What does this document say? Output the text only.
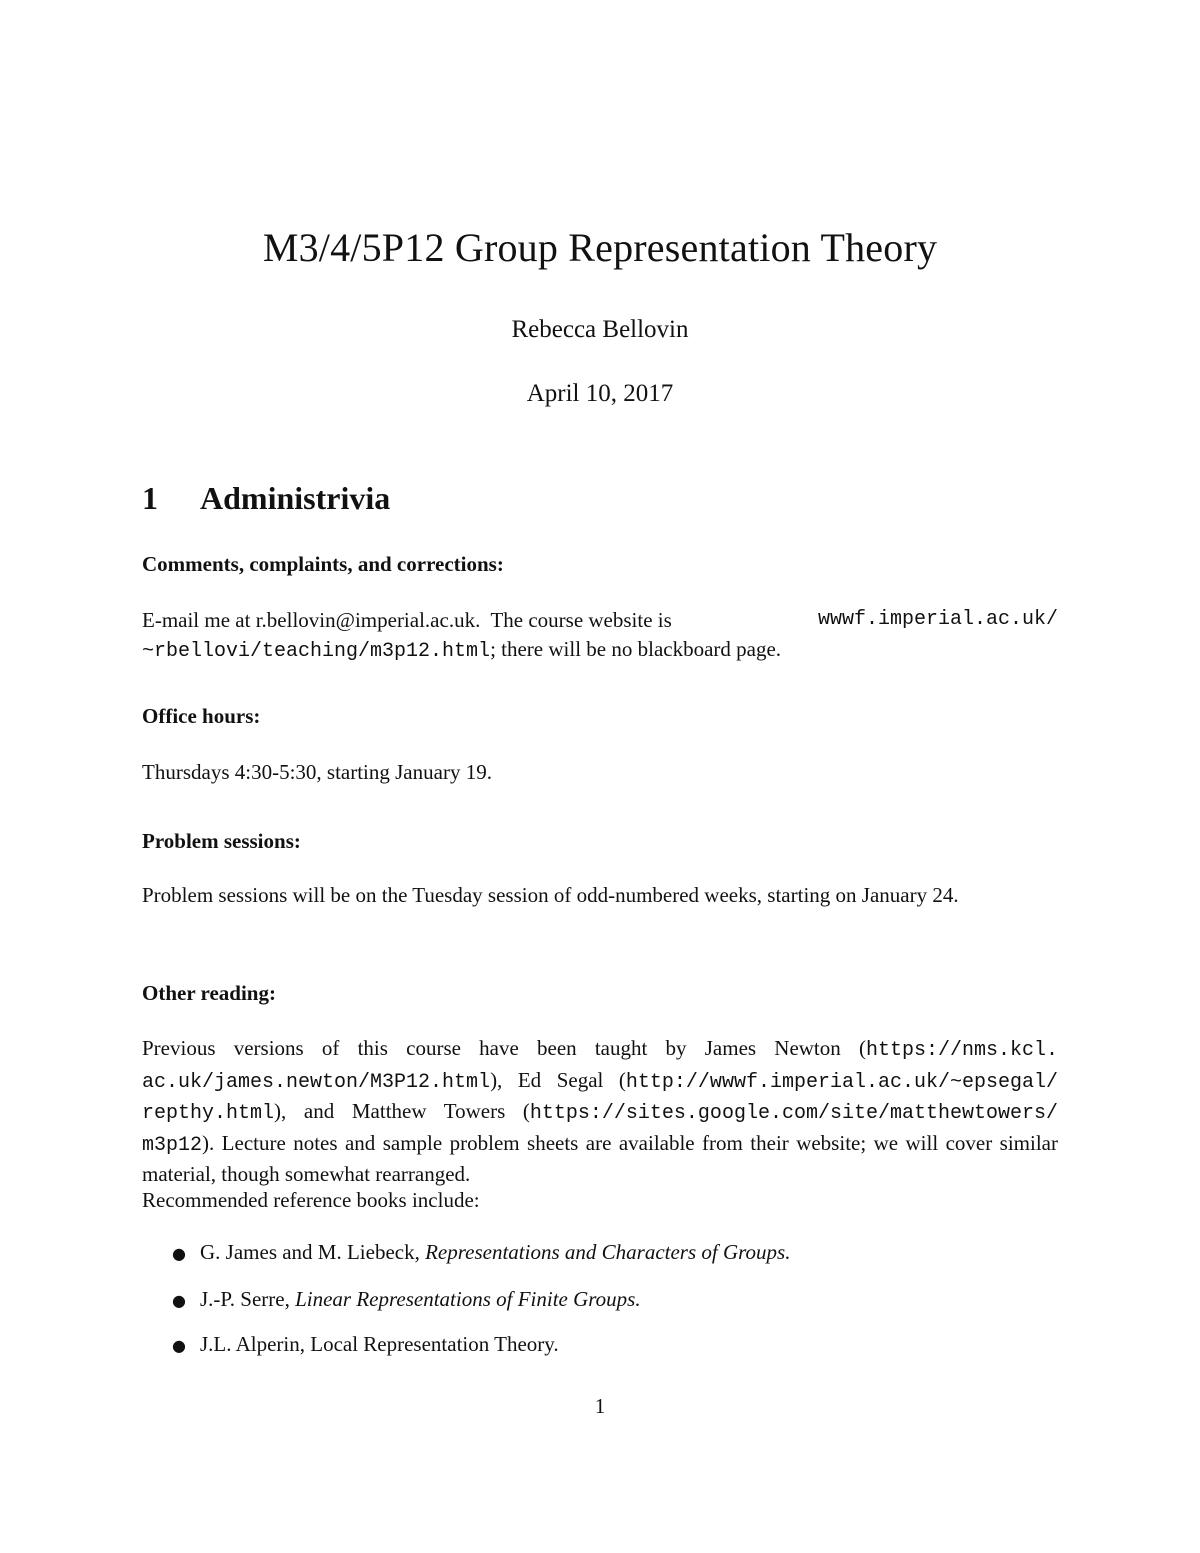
M3/4/5P12 Group Representation Theory
Rebecca Bellovin
April 10, 2017
1 Administrivia
Comments, complaints, and corrections:
E-mail me at r.bellovin@imperial.ac.uk.  The course website is	wwwf.imperial.ac.uk/
~rbellovi/teaching/m3p12.html; there will be no blackboard page.
Office hours:
Thursdays 4:30-5:30, starting January 19.
Problem sessions:
Problem sessions will be on the Tuesday session of odd-numbered weeks, starting on January 24.
Other reading:
Previous versions of this course have been taught by James Newton (https://nms.kcl. ac.uk/james.newton/M3P12.html), Ed Segal (http://wwwf.imperial.ac.uk/~epsegal/ repthy.html), and Matthew Towers (https://sites.google.com/site/matthewtowers/ m3p12). Lecture notes and sample problem sheets are available from their website; we will cover similar material, though somewhat rearranged.
Recommended reference books include:
● G. James and M. Liebeck, Representations and Characters of Groups.
● J.-P. Serre, Linear Representations of Finite Groups.
● J.L. Alperin, Local Representation Theory.
1
